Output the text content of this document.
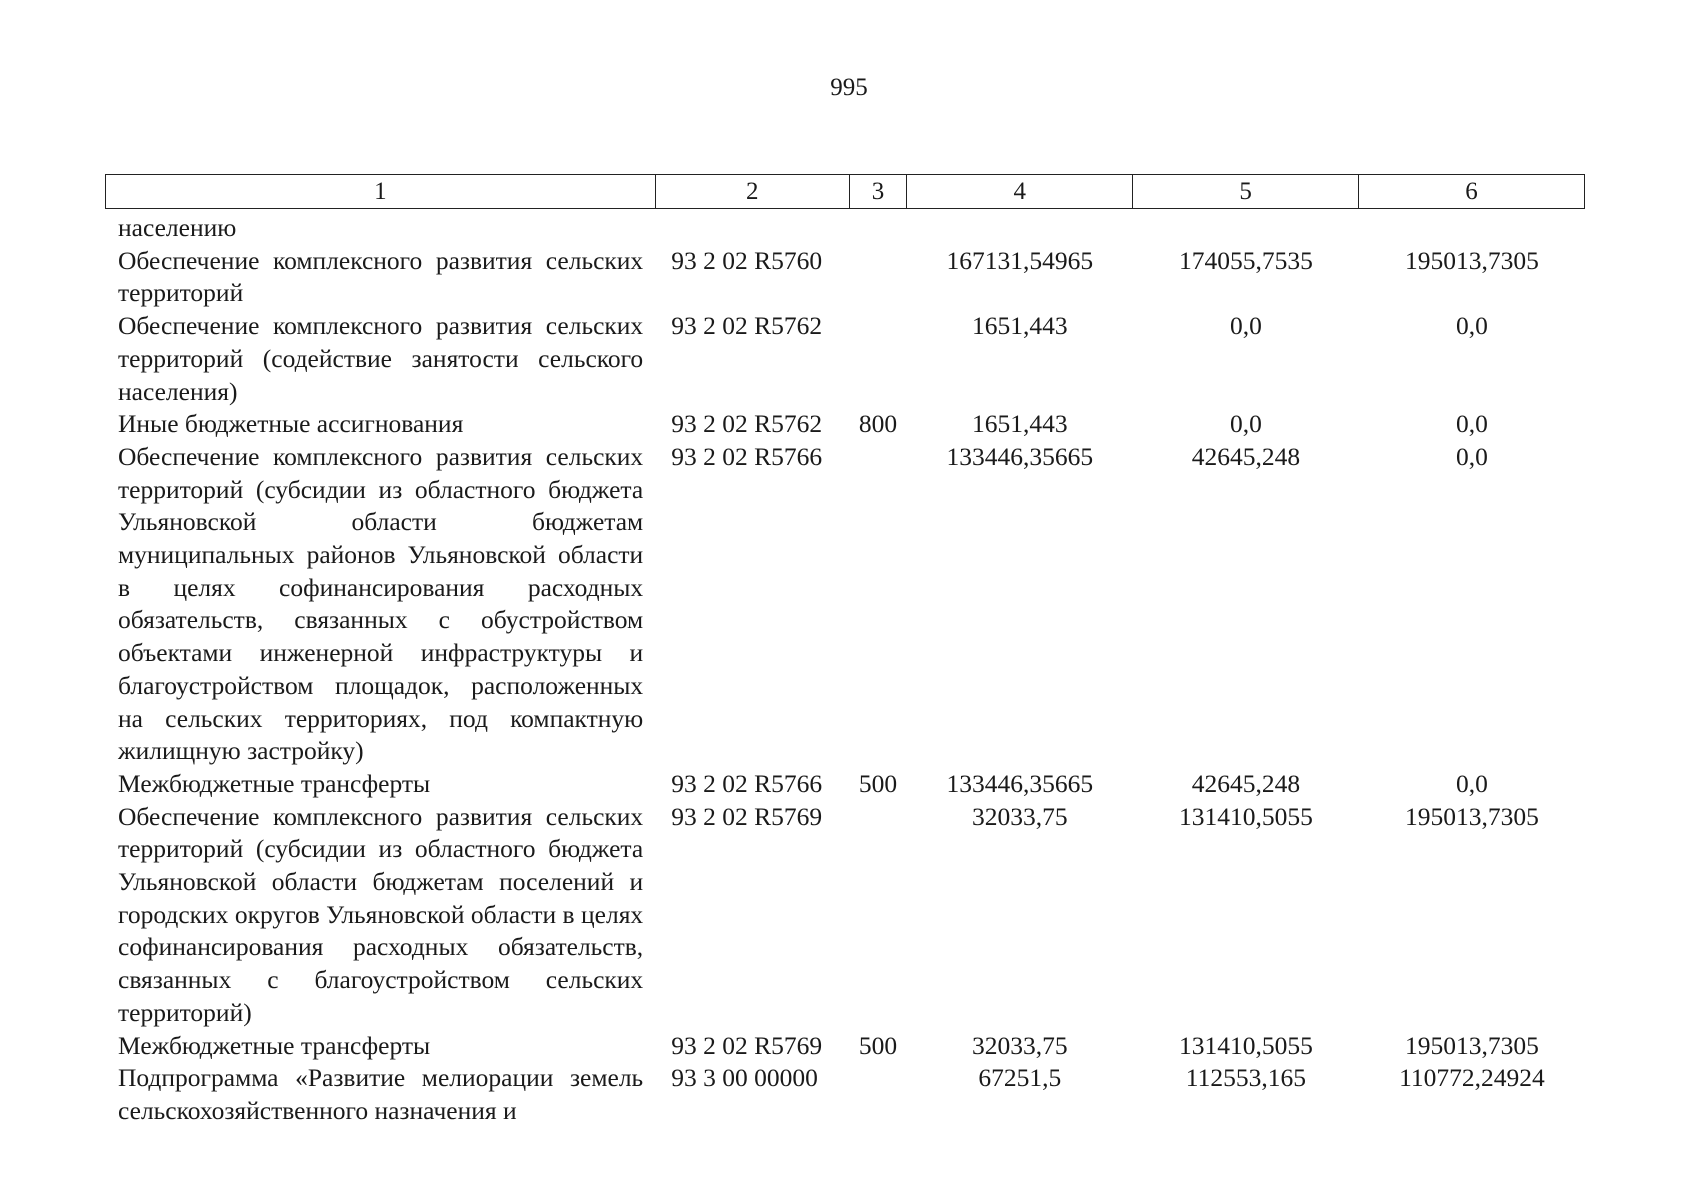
995
1	2	3	4	5	6
населению					
Обеспечение комплексного развития сельских территорий	93 2 02 R5760		167131,54965	174055,7535	195013,7305
Обеспечение комплексного развития сельских территорий (содействие занятости сельского населения)	93 2 02 R5762		1651,443	0,0	0,0
Иные бюджетные ассигнования	93 2 02 R5762	800	1651,443	0,0	0,0
Обеспечение комплексного развития сельских территорий (субсидии из областного бюджета Ульяновской области бюджетам муниципальных районов Ульяновской области в целях софинансирования расходных обязательств, связанных с обустройством объектами инженерной инфраструктуры и благоустройством площадок, расположенных на сельских территориях, под компактную жилищную застройку)	93 2 02 R5766		133446,35665	42645,248	0,0
Межбюджетные трансферты	93 2 02 R5766	500	133446,35665	42645,248	0,0
Обеспечение комплексного развития сельских территорий (субсидии из областного бюджета Ульяновской области бюджетам поселений и городских округов Ульяновской области в целях софинансирования расходных обязательств, связанных с благоустройством сельских территорий)	93 2 02 R5769		32033,75	131410,5055	195013,7305
Межбюджетные трансферты	93 2 02 R5769	500	32033,75	131410,5055	195013,7305
Подпрограмма «Развитие мелиорации земель сельскохозяйственного назначения и	93 3 00 00000		67251,5	112553,165	110772,24924
